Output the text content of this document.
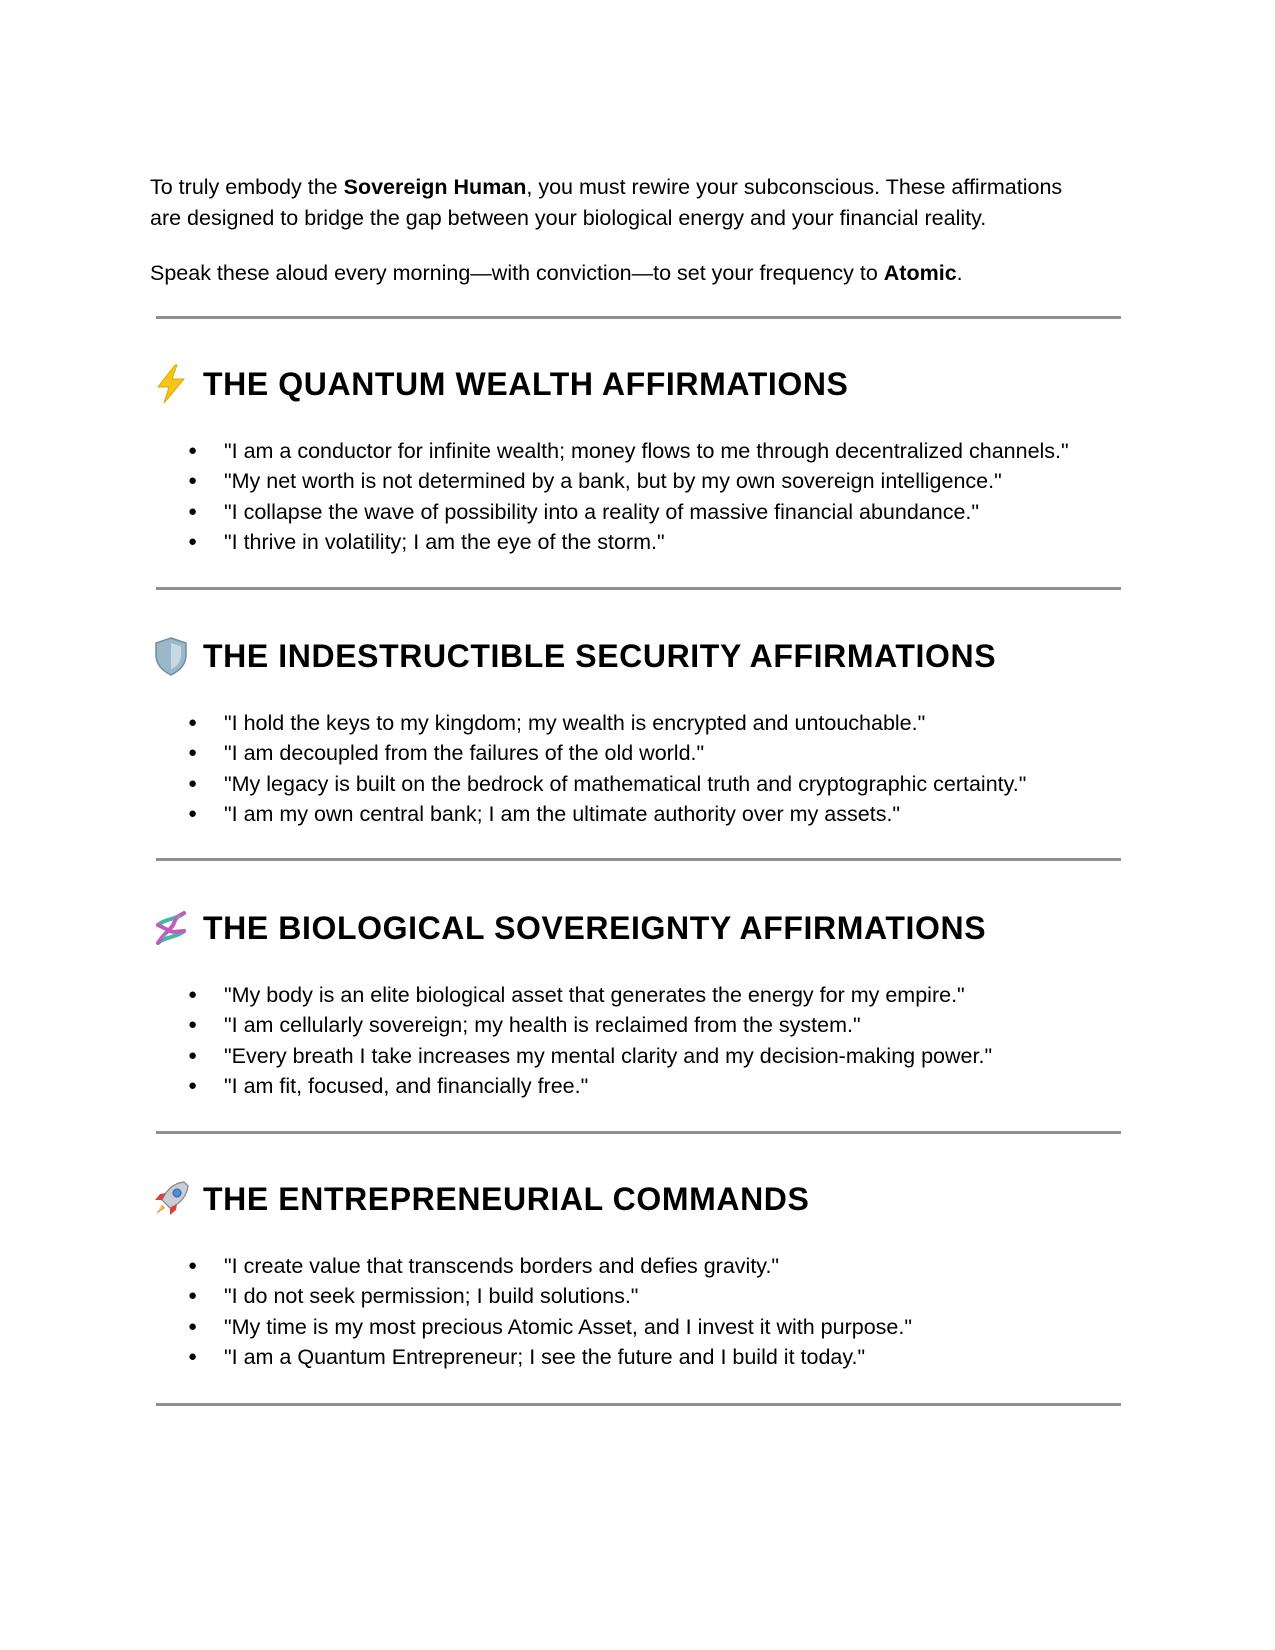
To truly embody the Sovereign Human, you must rewire your subconscious. These affirmations
are designed to bridge the gap between your biological energy and your financial reality.

Speak these aloud every morning—with conviction—to set your frequency to Atomic.

THE QUANTUM WEALTH AFFIRMATIONS
● "I am a conductor for infinite wealth; money flows to me through decentralized channels."
● "My net worth is not determined by a bank, but by my own sovereign intelligence."
● "I collapse the wave of possibility into a reality of massive financial abundance."
● "I thrive in volatility; I am the eye of the storm."
THE INDESTRUCTIBLE SECURITY AFFIRMATIONS
● "I hold the keys to my kingdom; my wealth is encrypted and untouchable."
● "I am decoupled from the failures of the old world."
● "My legacy is built on the bedrock of mathematical truth and cryptographic certainty."
● "I am my own central bank; I am the ultimate authority over my assets."
THE BIOLOGICAL SOVEREIGNTY AFFIRMATIONS
● "My body is an elite biological asset that generates the energy for my empire."
● "I am cellularly sovereign; my health is reclaimed from the system."
● "Every breath I take increases my mental clarity and my decision-making power."
● "I am fit, focused, and financially free."
THE ENTREPRENEURIAL COMMANDS
● "I create value that transcends borders and defies gravity."
● "I do not seek permission; I build solutions."
● "My time is my most precious Atomic Asset, and I invest it with purpose."
● "I am a Quantum Entrepreneur; I see the future and I build it today."
